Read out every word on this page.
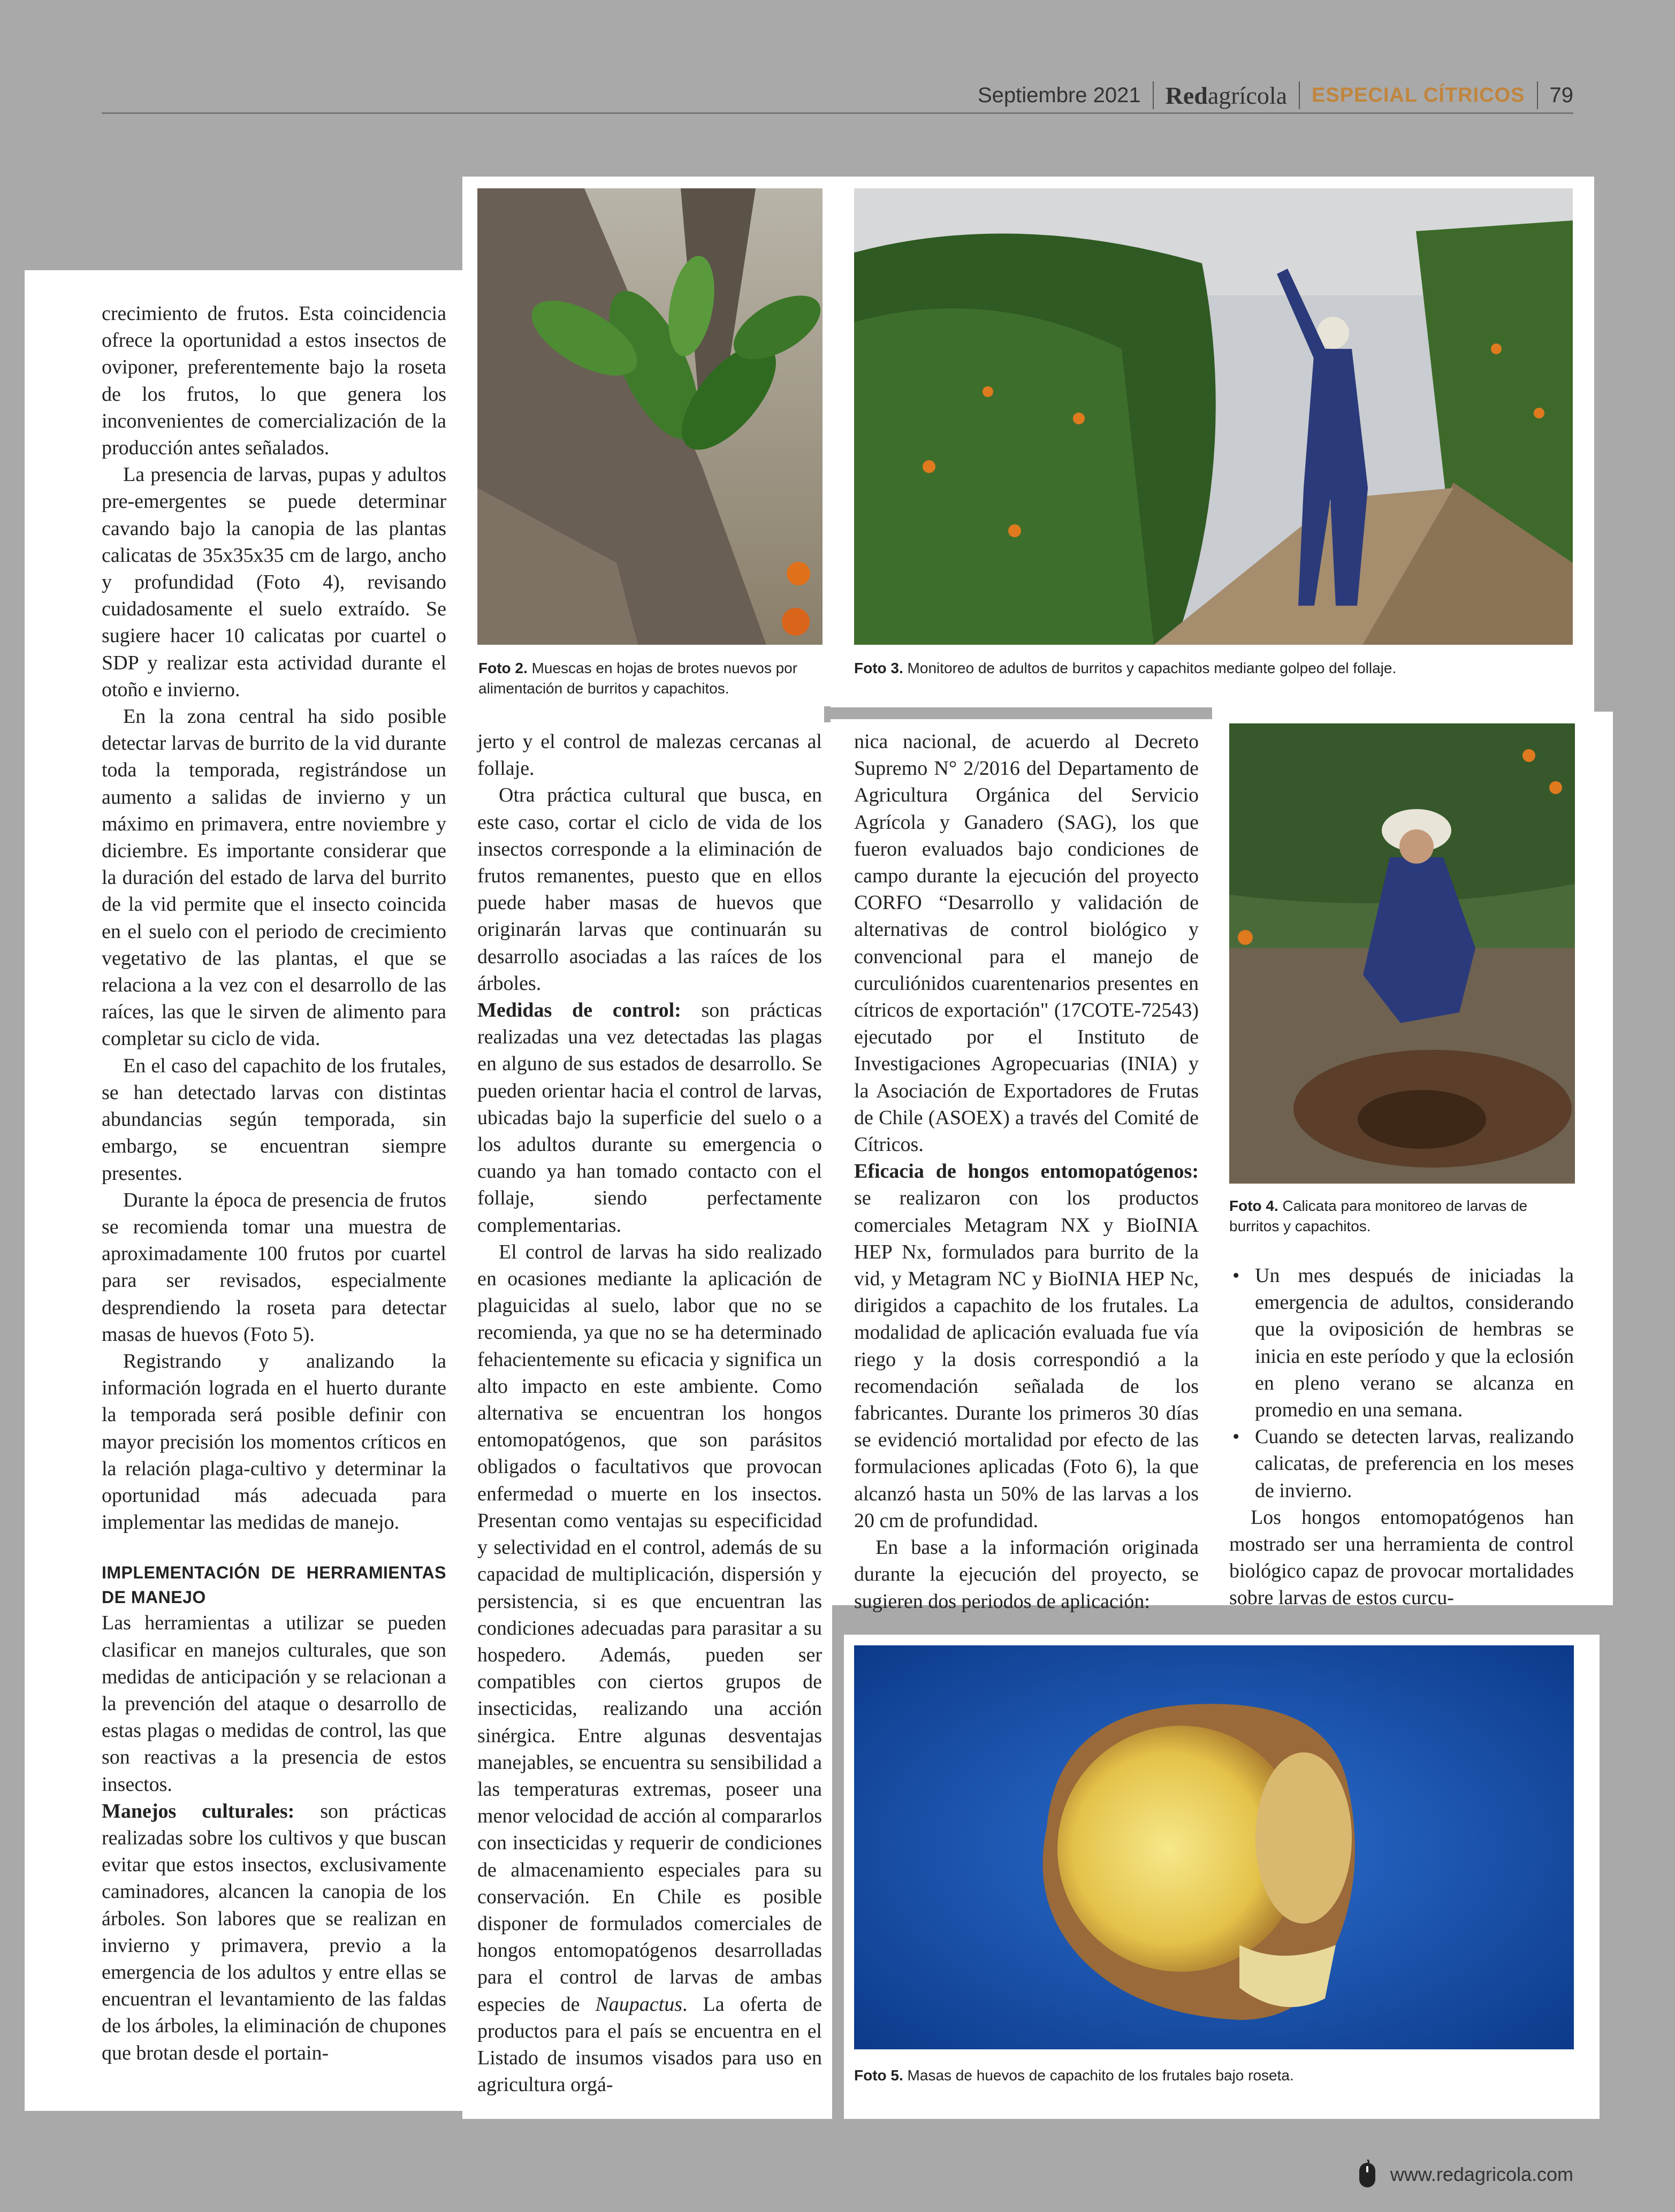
Septiembre 2021 Redagrícola ESPECIAL CÍTRICOS 79
Foto 2. Muescas en hojas de brotes nuevos por alimentación de burritos y capachitos.
Foto 3. Monitoreo de adultos de burritos y capachitos mediante golpeo del follaje.
Foto 4. Calicata para monitoreo de larvas de burritos y capachitos.
Foto 5. Masas de huevos de capachito de los frutales bajo roseta.

crecimiento de frutos. Esta coincidencia ofrece la oportunidad a estos insectos de oviponer, preferentemente bajo la roseta de los frutos, lo que genera los inconvenientes de comercialización de la producción antes señalados.

La presencia de larvas, pupas y adultos pre-emergentes se puede determinar cavando bajo la canopia de las plantas calicatas de 35x35x35 cm de largo, ancho y profundidad (Foto 4), revisando cuidadosamente el suelo extraído. Se sugiere hacer 10 calicatas por cuartel o SDP y realizar esta actividad durante el otoño e invierno.

En la zona central ha sido posible detectar larvas de burrito de la vid durante toda la temporada, registrándose un aumento a salidas de invierno y un máximo en primavera, entre noviembre y diciembre. Es importante considerar que la duración del estado de larva del burrito de la vid permite que el insecto coincida en el suelo con el periodo de crecimiento vegetativo de las plantas, el que se relaciona a la vez con el desarrollo de las raíces, las que le sirven de alimento para completar su ciclo de vida.

En el caso del capachito de los frutales, se han detectado larvas con distintas abundancias según temporada, sin embargo, se encuentran siempre presentes.

Durante la época de presencia de frutos se recomienda tomar una muestra de aproximadamente 100 frutos por cuartel para ser revisados, especialmente desprendiendo la roseta para detectar masas de huevos (Foto 5).

Registrando y analizando la información lograda en el huerto durante la temporada será posible definir con mayor precisión los momentos críticos en la relación plaga-cultivo y determinar la oportunidad más adecuada para implementar las medidas de manejo.

IMPLEMENTACIÓN DE HERRAMIENTAS DE MANEJO

Las herramientas a utilizar se pueden clasificar en manejos culturales, que son medidas de anticipación y se relacionan a la prevención del ataque o desarrollo de estas plagas o medidas de control, las que son reactivas a la presencia de estos insectos.

Manejos culturales: son prácticas realizadas sobre los cultivos y que buscan evitar que estos insectos, exclusivamente caminadores, alcancen la canopia de los árboles. Son labores que se realizan en invierno y primavera, previo a la emergencia de los adultos y entre ellas se encuentran el levantamiento de las faldas de los árboles, la eliminación de chupones que brotan desde el portain-

jerto y el control de malezas cercanas al follaje.

Otra práctica cultural que busca, en este caso, cortar el ciclo de vida de los insectos corresponde a la eliminación de frutos remanentes, puesto que en ellos puede haber masas de huevos que originarán larvas que continuarán su desarrollo asociadas a las raíces de los árboles.

Medidas de control: son prácticas realizadas una vez detectadas las plagas en alguno de sus estados de desarrollo. Se pueden orientar hacia el control de larvas, ubicadas bajo la superficie del suelo o a los adultos durante su emergencia o cuando ya han tomado contacto con el follaje, siendo perfectamente complementarias.

El control de larvas ha sido realizado en ocasiones mediante la aplicación de plaguicidas al suelo, labor que no se recomienda, ya que no se ha determinado fehacientemente su eficacia y significa un alto impacto en este ambiente. Como alternativa se encuentran los hongos entomopatógenos, que son parásitos obligados o facultativos que provocan enfermedad o muerte en los insectos. Presentan como ventajas su especificidad y selectividad en el control, además de su capacidad de multiplicación, dispersión y persistencia, si es que encuentran las condiciones adecuadas para parasitar a su hospedero. Además, pueden ser compatibles con ciertos grupos de insecticidas, realizando una acción sinérgica. Entre algunas desventajas manejables, se encuentra su sensibilidad a las temperaturas extremas, poseer una menor velocidad de acción al compararlos con insecticidas y requerir de condiciones de almacenamiento especiales para su conservación. En Chile es posible disponer de formulados comerciales de hongos entomopatógenos desarrolladas para el control de larvas de ambas especies de Naupactus. La oferta de productos para el país se encuentra en el Listado de insumos visados para uso en agricultura orgá-

nica nacional, de acuerdo al Decreto Supremo N° 2/2016 del Departamento de Agricultura Orgánica del Servicio Agrícola y Ganadero (SAG), los que fueron evaluados bajo condiciones de campo durante la ejecución del proyecto CORFO “Desarrollo y validación de alternativas de control biológico y convencional para el manejo de curculiónidos cuarentenarios presentes en cítricos de exportación" (17COTE-72543) ejecutado por el Instituto de Investigaciones Agropecuarias (INIA) y la Asociación de Exportadores de Frutas de Chile (ASOEX) a través del Comité de Cítricos.

Eficacia de hongos entomopatógenos: se realizaron con los productos comerciales Metagram NX y BioINIA HEP Nx, formulados para burrito de la vid, y Metagram NC y BioINIA HEP Nc, dirigidos a capachito de los frutales. La modalidad de aplicación evaluada fue vía riego y la dosis correspondió a la recomendación señalada de los fabricantes. Durante los primeros 30 días se evidenció mortalidad por efecto de las formulaciones aplicadas (Foto 6), la que alcanzó hasta un 50% de las larvas a los 20 cm de profundidad.

En base a la información originada durante la ejecución del proyecto, se sugieren dos periodos de aplicación:

• Un mes después de iniciadas la emergencia de adultos, considerando que la oviposición de hembras se inicia en este período y que la eclosión en pleno verano se alcanza en promedio en una semana.
• Cuando se detecten larvas, realizando calicatas, de preferencia en los meses de invierno.

Los hongos entomopatógenos han mostrado ser una herramienta de control biológico capaz de provocar mortalidades sobre larvas de estos curcu-

www.redagricola.com
